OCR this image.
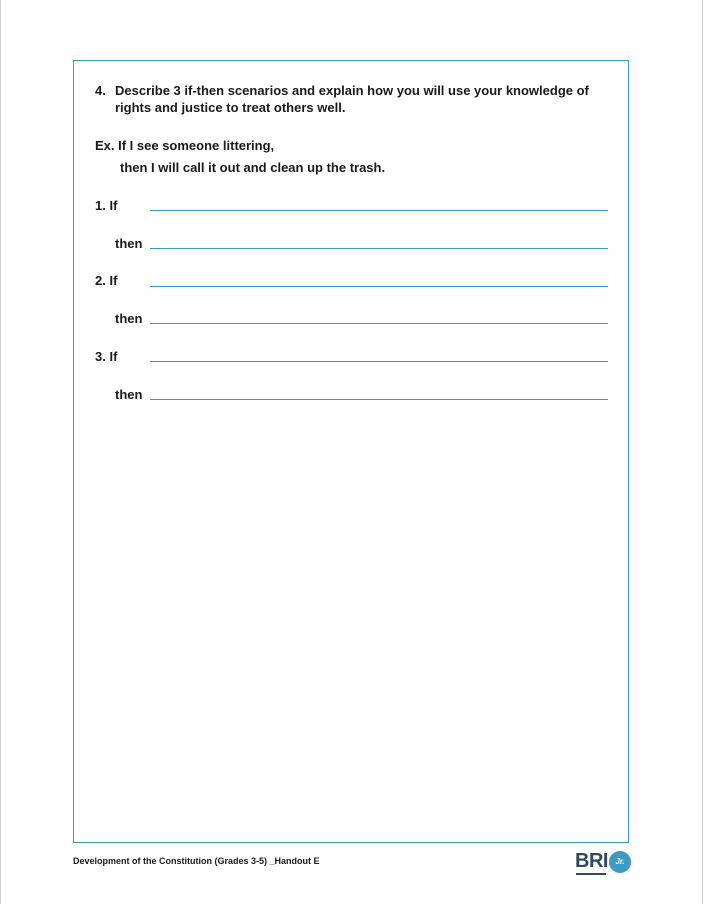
4. Describe 3 if-then scenarios and explain how you will use your knowledge of
rights and justice to treat others well.
Ex. If I see someone littering,
then I will call it out and clean up the trash.
1. If
then
2. If
then
3. If
then
Development of the Constitution (Grades 3-5) _Handout E	BRI Jr.
